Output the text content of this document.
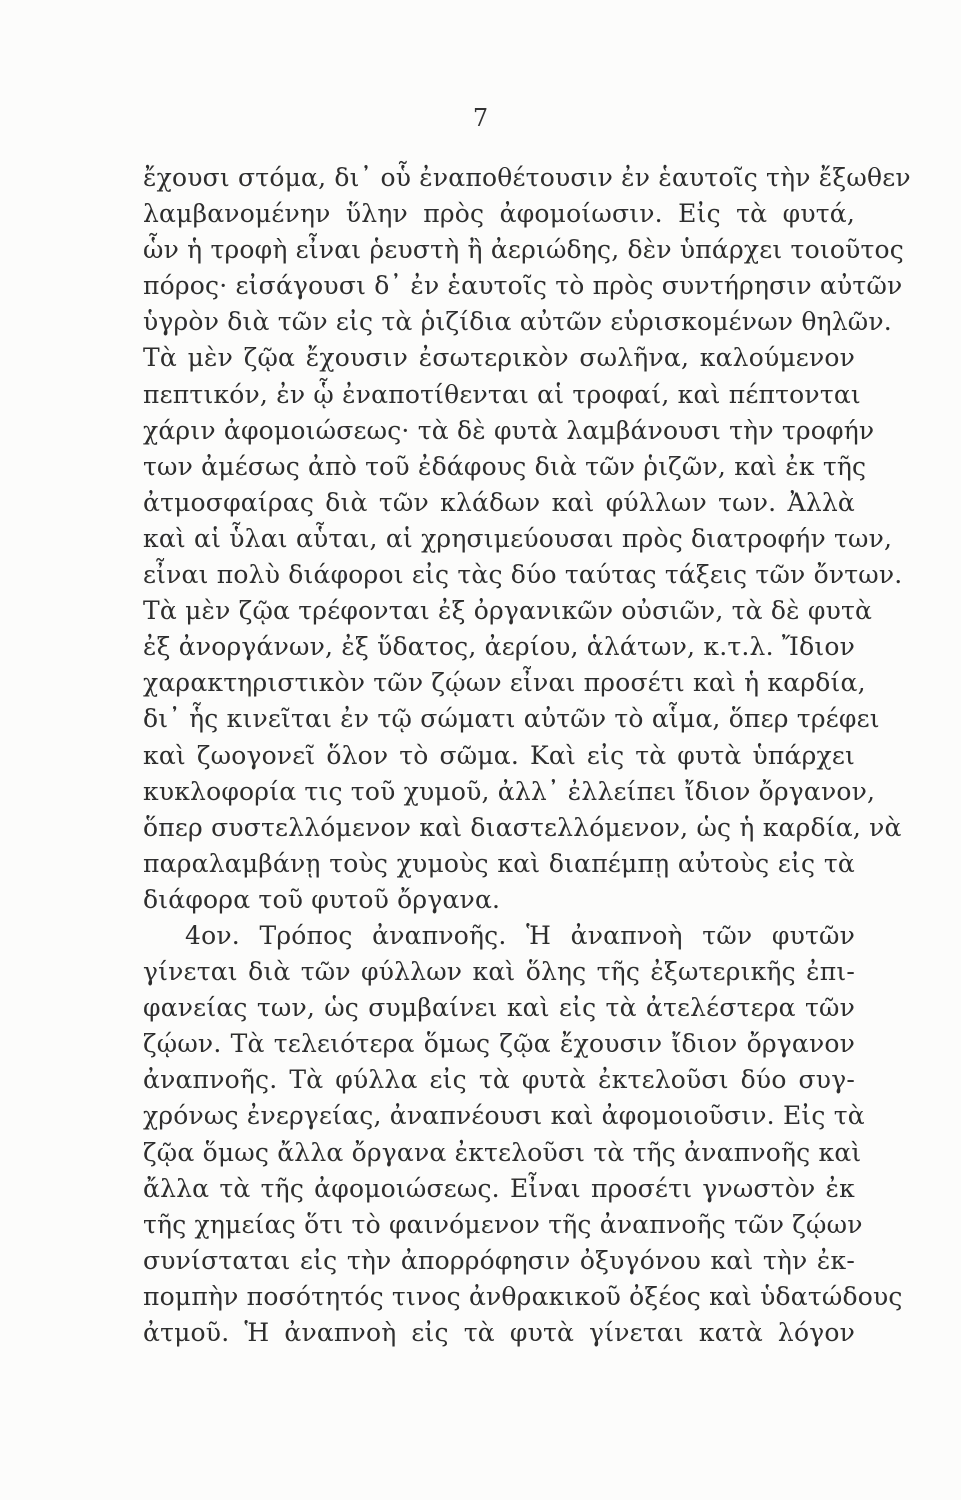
7
ἔχουσι στόμα, δι᾽ οὗ ἐναποθέτουσιν ἐν ἑαυτοῖς τὴν ἔξωθεν
λαμβανομένην ὕλην πρὸς ἀφομοίωσιν. Εἰς τὰ φυτά,
ὧν ἡ τροφὴ εἶναι ῥευστὴ ἢ ἀεριώδης, δὲν ὑπάρχει τοιοῦτος
πόρος· εἰσάγουσι δ᾽ ἐν ἑαυτοῖς τὸ πρὸς συντήρησιν αὐτῶν
ὑγρὸν διὰ τῶν εἰς τὰ ῥιζίδια αὐτῶν εὑρισκομένων θηλῶν.
Τὰ μὲν ζῷα ἔχουσιν ἐσωτερικὸν σωλῆνα, καλούμενον
πεπτικόν, ἐν ᾧ ἐναποτίθενται αἱ τροφαί, καὶ πέπτονται
χάριν ἀφομοιώσεως· τὰ δὲ φυτὰ λαμβάνουσι τὴν τροφήν
των ἀμέσως ἀπὸ τοῦ ἐδάφους διὰ τῶν ῥιζῶν, καὶ ἐκ τῆς
ἀτμοσφαίρας διὰ τῶν κλάδων καὶ φύλλων των. Ἀλλὰ
καὶ αἱ ὗλαι αὗται, αἱ χρησιμεύουσαι πρὸς διατροφήν των,
εἶναι πολὺ διάφοροι εἰς τὰς δύο ταύτας τάξεις τῶν ὄντων.
Τὰ μὲν ζῷα τρέφονται ἐξ ὀργανικῶν οὐσιῶν, τὰ δὲ φυτὰ
ἐξ ἀνοργάνων, ἐξ ὕδατος, ἀερίου, ἁλάτων, κ.τ.λ. Ἴδιον
χαρακτηριστικὸν τῶν ζῴων εἶναι προσέτι καὶ ἡ καρδία,
δι᾽ ἧς κινεῖται ἐν τῷ σώματι αὐτῶν τὸ αἷμα, ὅπερ τρέφει
καὶ ζωογονεῖ ὅλον τὸ σῶμα. Καὶ εἰς τὰ φυτὰ ὑπάρχει
κυκλοφορία τις τοῦ χυμοῦ, ἀλλ᾽ ἐλλείπει ἴδιον ὄργανον,
ὅπερ συστελλόμενον καὶ διαστελλόμενον, ὡς ἡ καρδία, νὰ
παραλαμβάνῃ τοὺς χυμοὺς καὶ διαπέμπῃ αὐτοὺς εἰς τὰ
διάφορα τοῦ φυτοῦ ὄργανα.
4ον. Τρόπος ἀναπνοῆς. Ἡ ἀναπνοὴ τῶν φυτῶν
γίνεται διὰ τῶν φύλλων καὶ ὅλης τῆς ἐξωτερικῆς ἐπι-
φανείας των, ὡς συμβαίνει καὶ εἰς τὰ ἀτελέστερα τῶν
ζῴων. Τὰ τελειότερα ὅμως ζῷα ἔχουσιν ἴδιον ὄργανον
ἀναπνοῆς. Τὰ φύλλα εἰς τὰ φυτὰ ἐκτελοῦσι δύο συγ-
χρόνως ἐνεργείας, ἀναπνέουσι καὶ ἀφομοιοῦσιν. Εἰς τὰ
ζῷα ὅμως ἄλλα ὄργανα ἐκτελοῦσι τὰ τῆς ἀναπνοῆς καὶ
ἄλλα τὰ τῆς ἀφομοιώσεως. Εἶναι προσέτι γνωστὸν ἐκ
τῆς χημείας ὅτι τὸ φαινόμενον τῆς ἀναπνοῆς τῶν ζῴων
συνίσταται εἰς τὴν ἀπορρόφησιν ὀξυγόνου καὶ τὴν ἐκ-
πομπὴν ποσότητός τινος ἀνθρακικοῦ ὀξέος καὶ ὑδατώδους
ἀτμοῦ. Ἡ ἀναπνοὴ εἰς τὰ φυτὰ γίνεται κατὰ λόγον
